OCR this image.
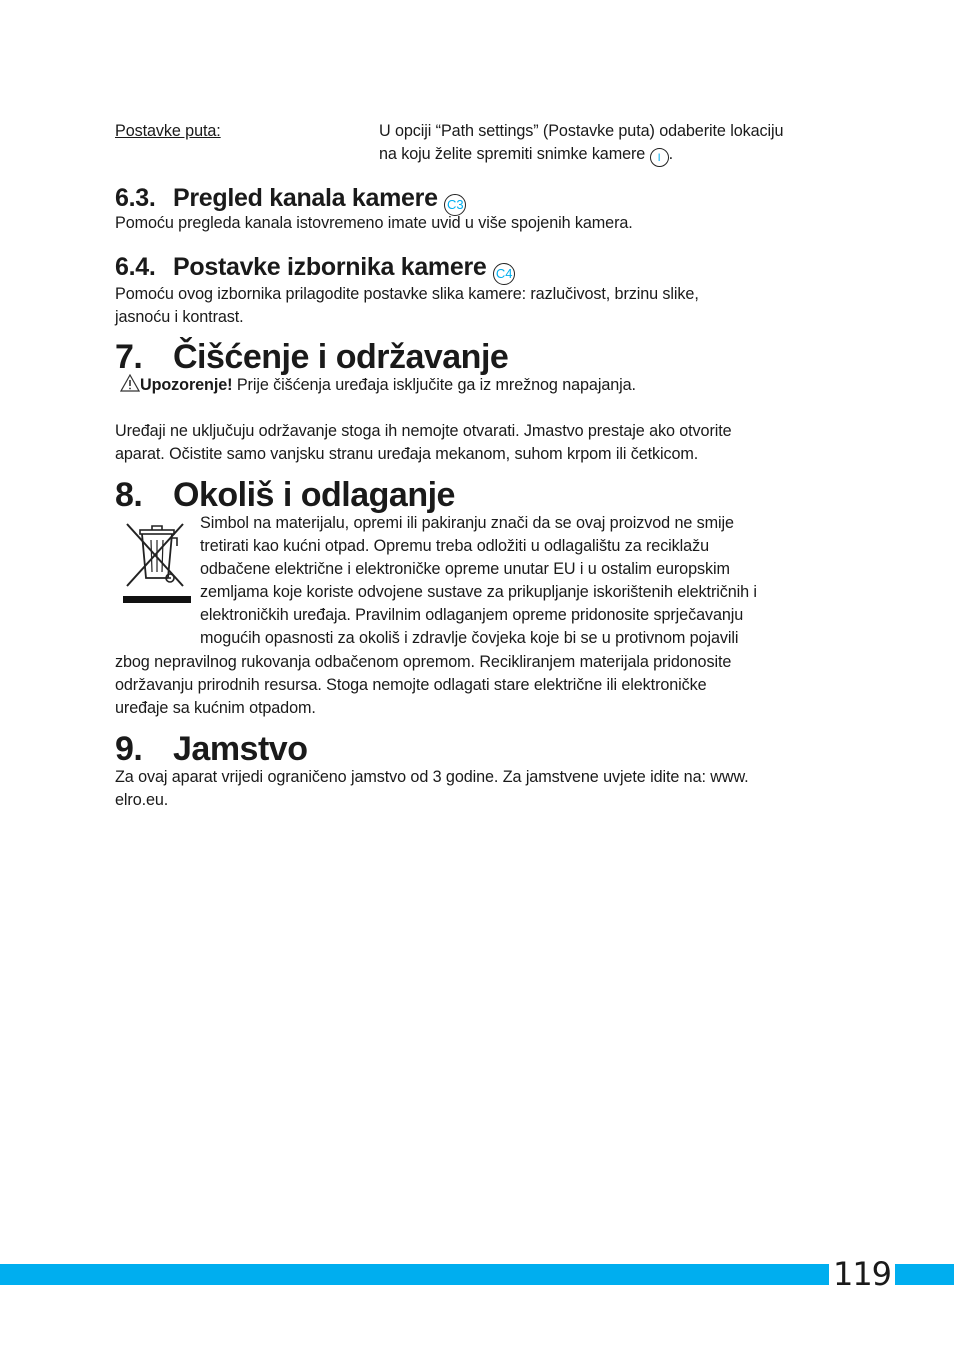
Postavke puta:	U opciji “Path settings” (Postavke puta) odaberite lokaciju
na koju želite spremiti snimke kamere I .
6.3. Pregled kanala kamere C3
Pomoću pregleda kanala istovremeno imate uvid u više spojenih kamera.
6.4. Postavke izbornika kamere C4
Pomoću ovog izbornika prilagodite postavke slika kamere: razlučivost, brzinu slike,
jasnoću i kontrast.
7. Čišćenje i održavanje
Upozorenje! Prije čišćenja uređaja isključite ga iz mrežnog napajanja.
Uređaji ne uključuju održavanje stoga ih nemojte otvarati. Jmastvo prestaje ako otvorite
aparat. Očistite samo vanjsku stranu uređaja mekanom, suhom krpom ili četkicom.
8. Okoliš i odlaganje
Simbol na materijalu, opremi ili pakiranju znači da se ovaj proizvod ne smije
tretirati kao kućni otpad. Opremu treba odložiti u odlagalištu za reciklažu
odbačene električne i elektroničke opreme unutar EU i u ostalim europskim
zemljama koje koriste odvojene sustave za prikupljanje iskorištenih električnih i
elektroničkih uređaja. Pravilnim odlaganjem opreme pridonosite sprječavanju
mogućih opasnosti za okoliš i zdravlje čovjeka koje bi se u protivnom pojavili
zbog nepravilnog rukovanja odbačenom opremom. Recikliranjem materijala pridonosite
održavanju prirodnih resursa. Stoga nemojte odlagati stare električne ili elektroničke
uređaje sa kućnim otpadom.
9. Jamstvo
Za ovaj aparat vrijedi ograničeno jamstvo od 3 godine. Za jamstvene uvjete idite na: www.
elro.eu.
119
